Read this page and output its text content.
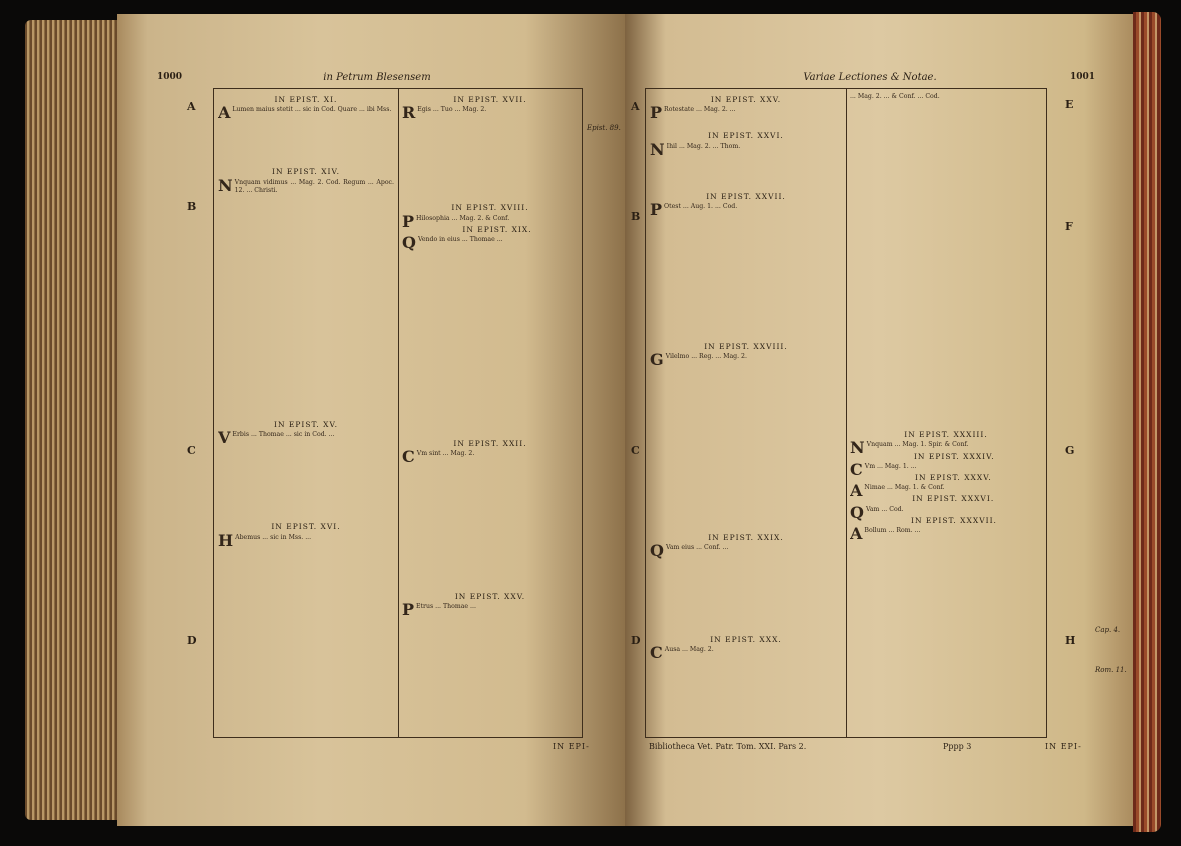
1000	in Petrum Blesensem
A
B
C
D
IN EPIST. XI.
A Lumen maius stetit ... sic in Cod. Quare ... ibi Mss.
IN EPIST. XIV.
N Vnquam vidimus ... Mag. 2. Cod. Regum ... Apoc. 12. ... Christi.
IN EPIST. XV.
V Erbis ... Thomae ... sic in Cod. ...
IN EPIST. XVI.
H Abemus ... sic in Mss. ...
IN EPIST. XVII.
R Egis ... Tuo ... Mag. 2.
IN EPIST. XVIII.
P Hilosophia ... Mag. 2. & Conf.
IN EPIST. XIX.
Q Vendo in eius ... Thomae ...
IN EPIST. XXII.
C Vm sint ... Mag. 2.
IN EPIST. XXV.
P Etrus ... Thomae ...
Epist. 89.
IN EPI-
Variae Lectiones & Notae.	1001
A
B
C
D
E
F
G
H
IN EPIST. XXV.
P Rotestate ... Mag. 2. ...
IN EPIST. XXVI.
N Ihil ... Mag. 2. ... Thom.
IN EPIST. XXVII.
P Otest ... Aug. 1. ... Cod.
IN EPIST. XXVIII.
G Vilelmo ... Reg. ... Mag. 2.
IN EPIST. XXIX.
Q Vam eius ... Conf. ...
IN EPIST. XXX.
C Ausa ... Mag. 2.
... Mag. 2. ... & Conf. ... Cod.
IN EPIST. XXXIII.
N Vnquam ... Mag. 1. Spir. & Conf.
IN EPIST. XXXIV.
C Vm ... Mag. 1. ...
IN EPIST. XXXV.
A Nimae ... Mag. 1. & Conf.
IN EPIST. XXXVI.
Q Vam ... Cod.
IN EPIST. XXXVII.
A Bollum ... Rom. ...
Cap. 4.
Rom. 11.
Bibliotheca Vet. Patr. Tom. XXI. Pars 2.	Pppp 3	IN EPI-
